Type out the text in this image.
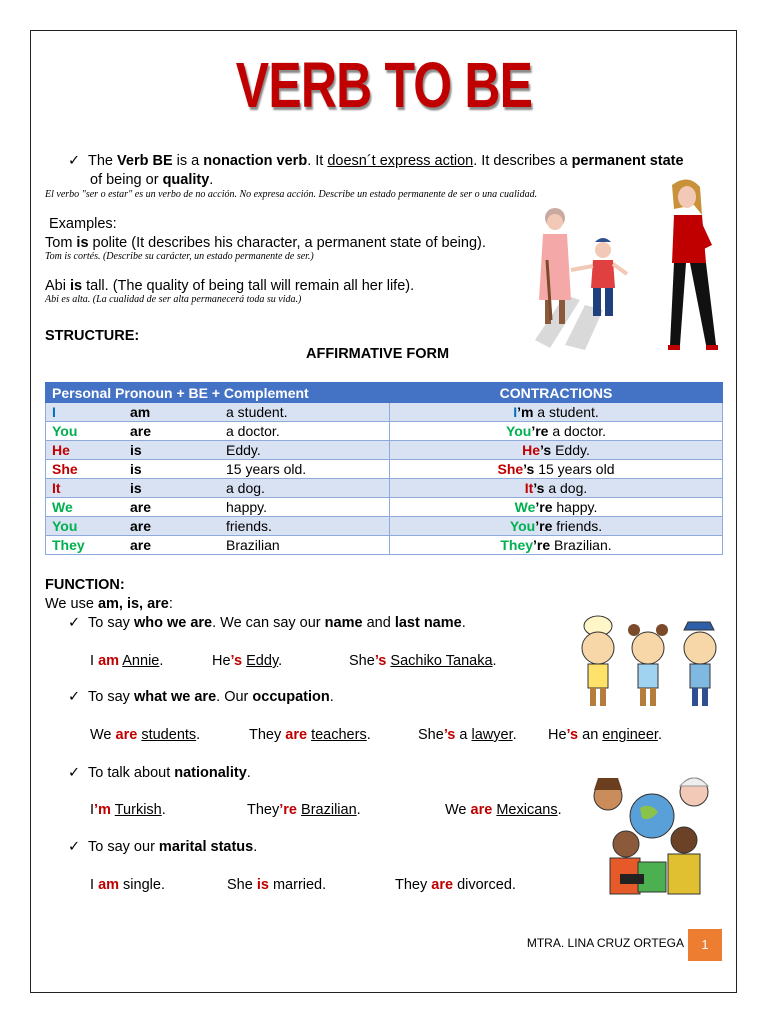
VERB TO BE
✓ The Verb BE is a nonaction verb. It doesn´t express action. It describes a permanent state
of being or quality.
El verbo "ser o estar" es un verbo de no acción. No expresa acción. Describe un estado permanente de ser o una cualidad.
Examples:
Tom is polite (It describes his character, a permanent state of being).
Tom is cortés. (Describe su carácter, un estado permanente de ser.)
Abi is tall. (The quality of being tall will remain all her life).
Abi es alta. (La cualidad de ser alta permanecerá toda su vida.)
STRUCTURE:
AFFIRMATIVE FORM
Personal Pronoun + BE + Complement	CONTRACTIONS

I am a student.	I’m a student.

You are a doctor.	You’re a doctor.

He is Eddy.	He’s Eddy.

She is 15 years old.	She’s 15 years old

It is a dog.	It’s a dog.

We are happy.	We’re happy.

You are friends.	You’re friends.

They are Brazilian	They’re Brazilian.
FUNCTION:
We use am, is, are:
✓ To say who we are. We can say our name and last name.
I am Annie.	He’s Eddy.	She’s Sachiko Tanaka.
✓ To say what we are. Our occupation.
We are students.	They are teachers.	She’s a lawyer. He’s an engineer.
✓ To talk about nationality.
I’m Turkish.	They’re Brazilian.	We are Mexicans.
✓ To say our marital status.
I am single.	She is married.	They are divorced.
MTRA. LINA CRUZ ORTEGA	1
